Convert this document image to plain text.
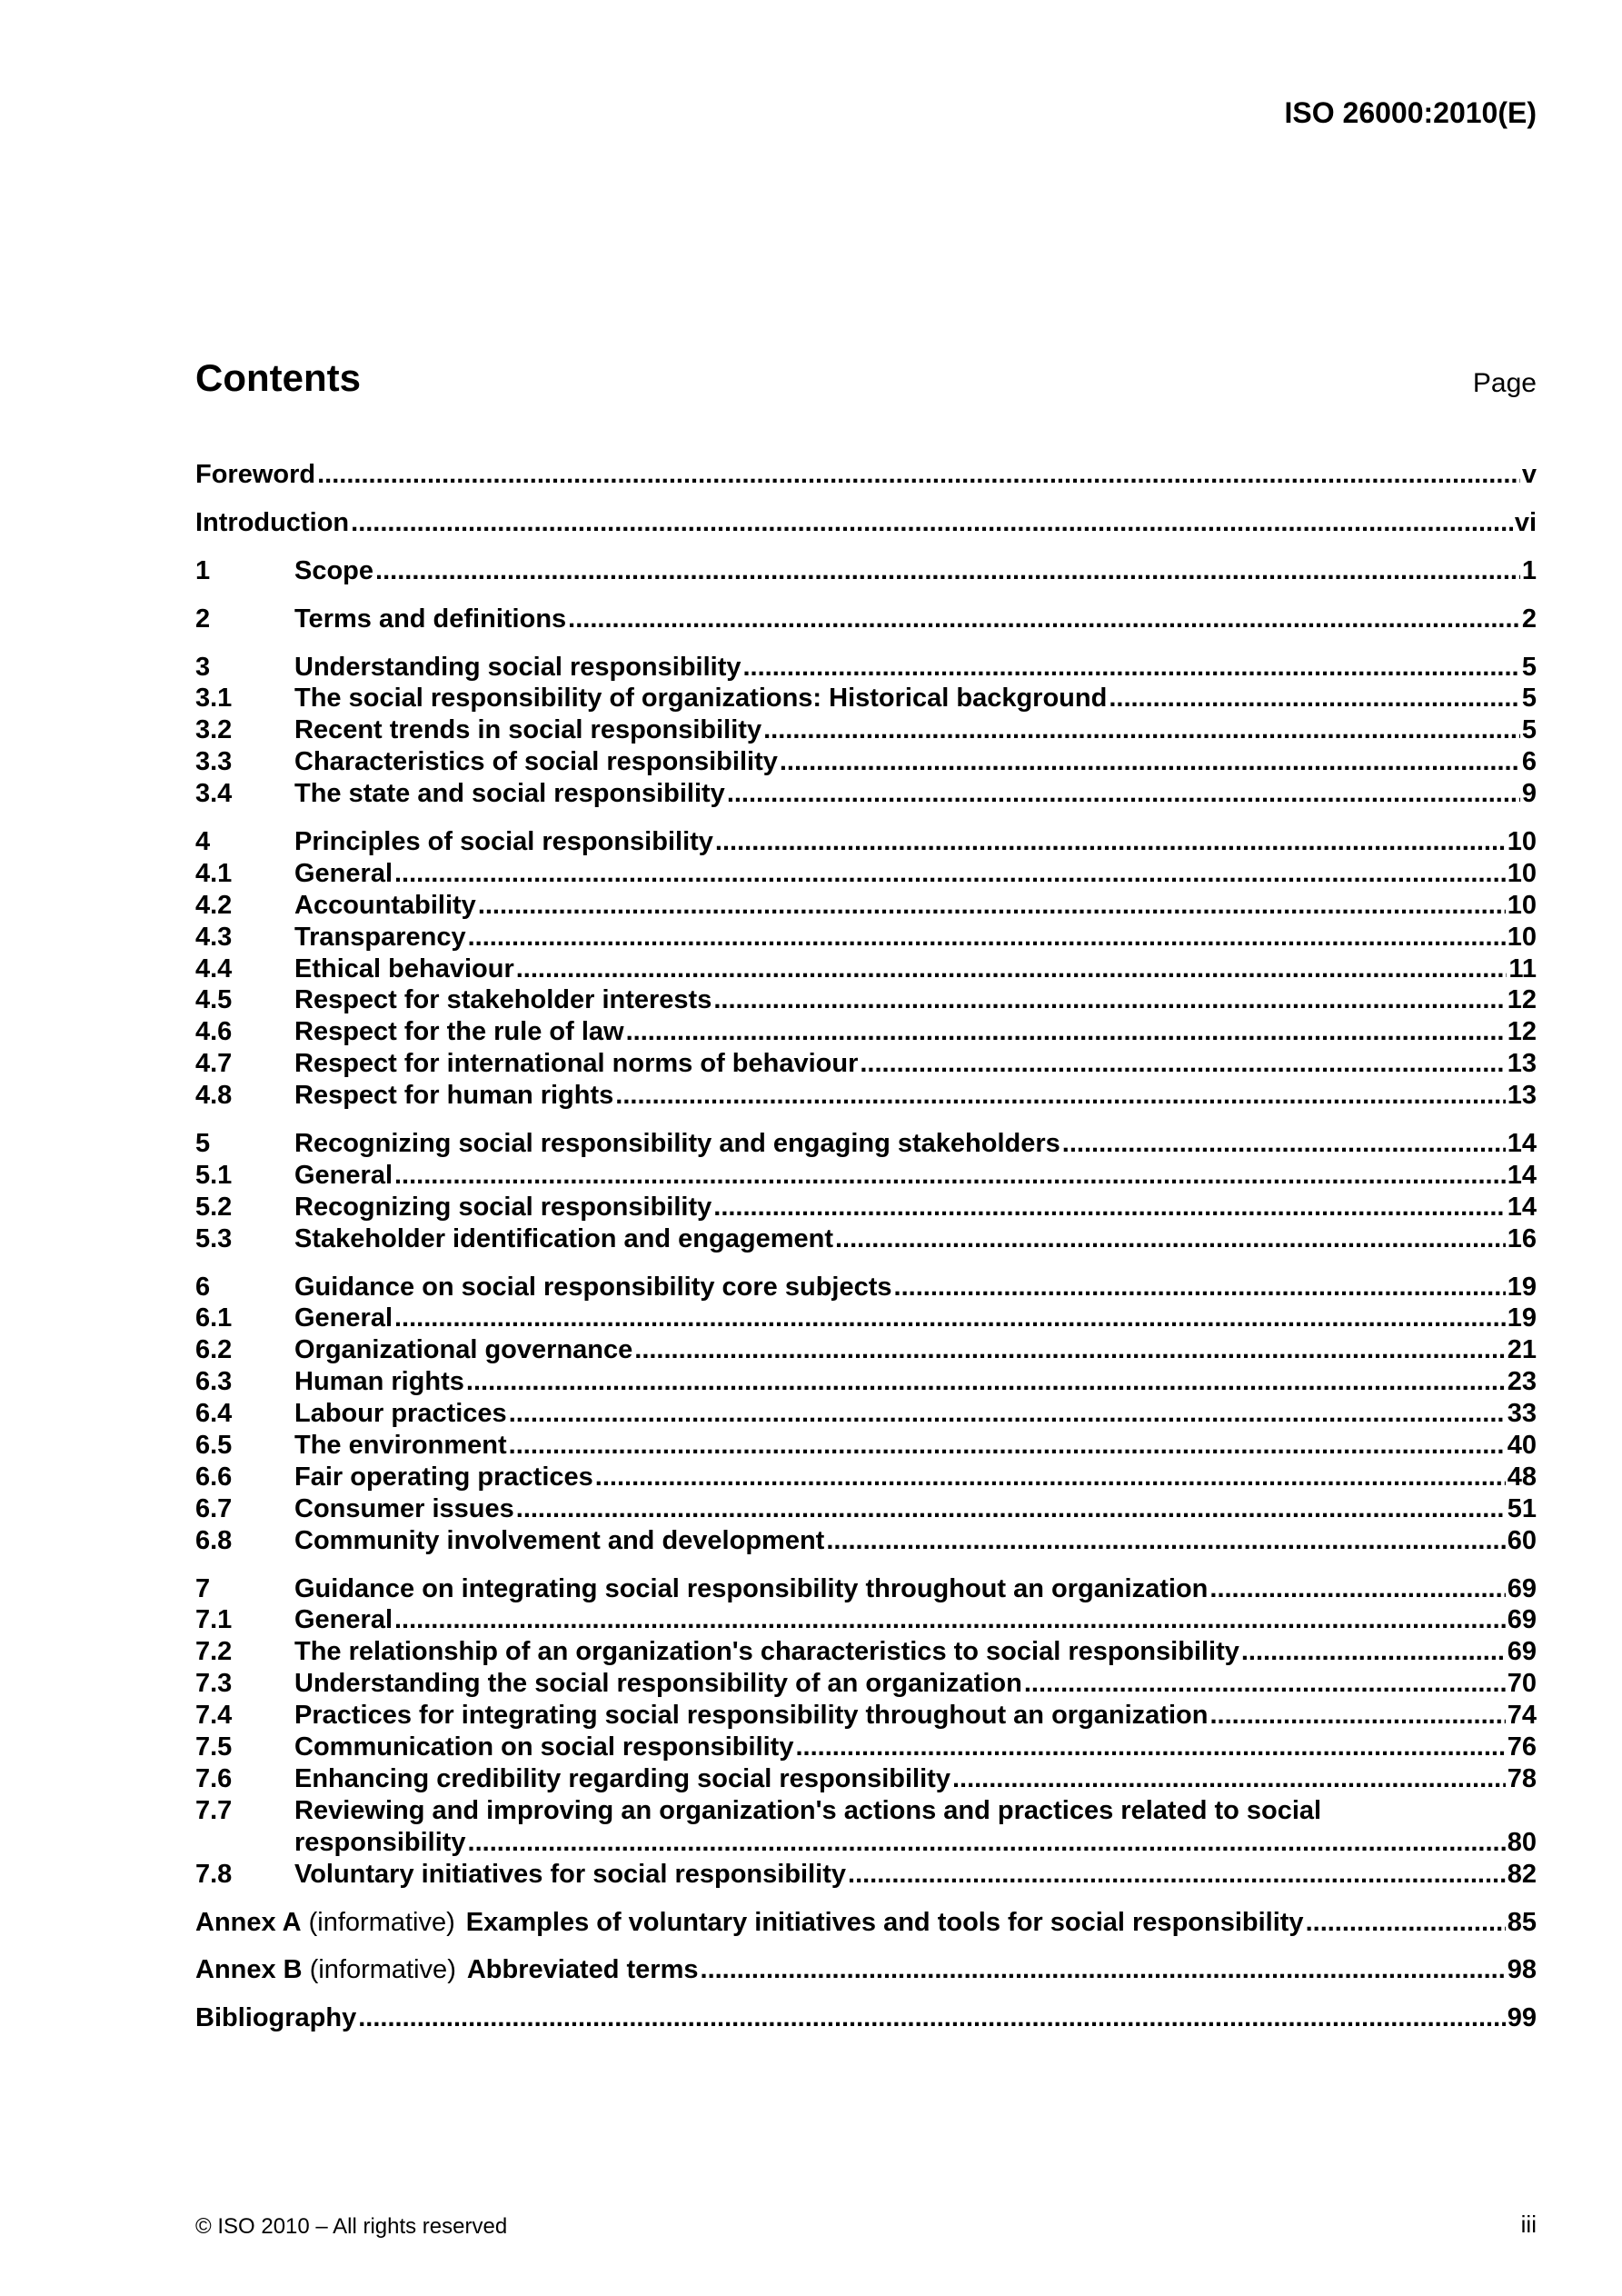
ISO 26000:2010(E)
Contents	Page
Foreword .....	v
Introduction .....	vi
1	Scope .....	1
2	Terms and definitions .....	2
3	Understanding social responsibility .....	5
3.1	The social responsibility of organizations: Historical background .....	5
3.2	Recent trends in social responsibility .....	5
3.3	Characteristics of social responsibility .....	6
3.4	The state and social responsibility .....	9
4	Principles of social responsibility .....	10
4.1	General .....	10
4.2	Accountability .....	10
4.3	Transparency .....	10
4.4	Ethical behaviour .....	11
4.5	Respect for stakeholder interests .....	12
4.6	Respect for the rule of law .....	12
4.7	Respect for international norms of behaviour .....	13
4.8	Respect for human rights .....	13
5	Recognizing social responsibility and engaging stakeholders .....	14
5.1	General .....	14
5.2	Recognizing social responsibility .....	14
5.3	Stakeholder identification and engagement .....	16
6	Guidance on social responsibility core subjects .....	19
6.1	General .....	19
6.2	Organizational governance .....	21
6.3	Human rights .....	23
6.4	Labour practices .....	33
6.5	The environment .....	40
6.6	Fair operating practices .....	48
6.7	Consumer issues .....	51
6.8	Community involvement and development .....	60
7	Guidance on integrating social responsibility throughout an organization .....	69
7.1	General .....	69
7.2	The relationship of an organization's characteristics to social responsibility .....	69
7.3	Understanding the social responsibility of an organization .....	70
7.4	Practices for integrating social responsibility throughout an organization .....	74
7.5	Communication on social responsibility .....	76
7.6	Enhancing credibility regarding social responsibility .....	78
7.7	Reviewing and improving an organization's actions and practices related to social
responsibility .....	80
7.8	Voluntary initiatives for social responsibility .....	82
Annex A (informative) Examples of voluntary initiatives and tools for social responsibility .....	85
Annex B (informative) Abbreviated terms .....	98
Bibliography .....	99
© ISO 2010 – All rights reserved	iii
